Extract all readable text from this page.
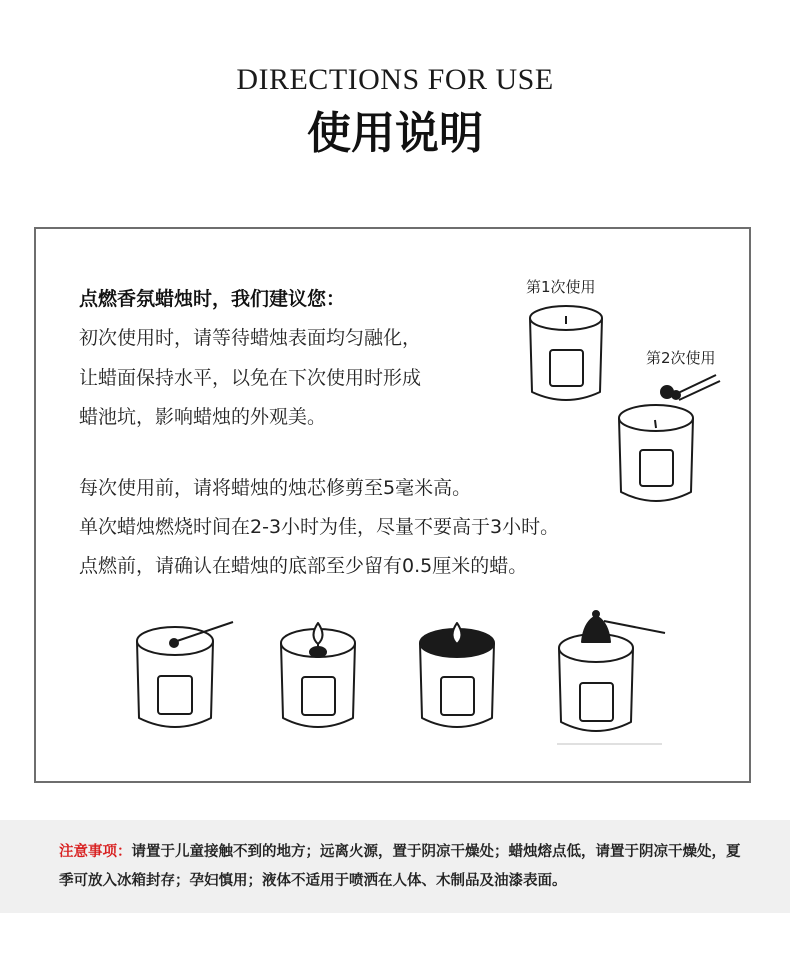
DIRECTIONS FOR USE
使用说明
点燃香氛蜡烛时，我们建议您：
初次使用时，请等待蜡烛表面均匀融化，
让蜡面保持水平，以免在下次使用时形成
蜡池坑，影响蜡烛的外观美。
每次使用前，请将蜡烛的烛芯修剪至5毫米高。
单次蜡烛燃烧时间在2-3小时为佳，尽量不要高于3小时。
点燃前，请确认在蜡烛的底部至少留有0.5厘米的蜡。
第1次使用
第2次使用
注意事项：请置于儿童接触不到的地方；远离火源，置于阴凉干燥处；蜡烛熔点低，请置于阴凉干燥处，夏季可放入冰箱封存；孕妇慎用；液体不适用于喷洒在人体、木制品及油漆表面。
